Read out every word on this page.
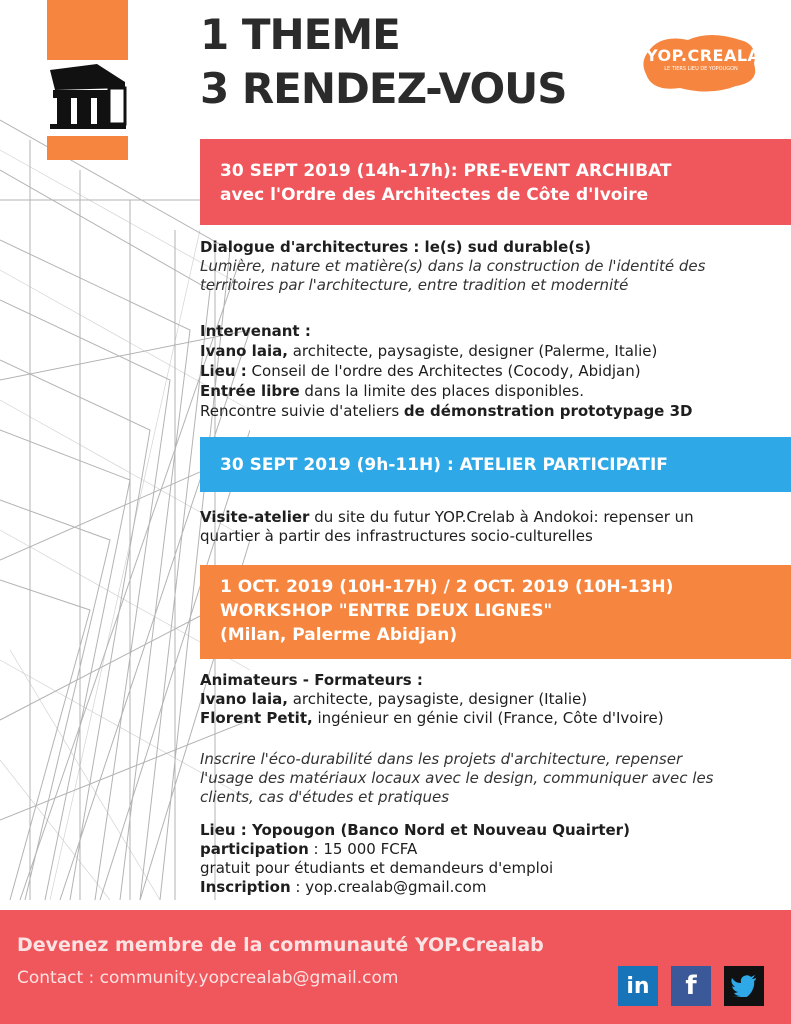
1 THEME
3 RENDEZ-VOUS
YOP.CREALAB
LE TIERS LIEU DE YOPOUGON
30 SEPT 2019 (14h-17h): PRE-EVENT ARCHIBAT
avec l'Ordre des Architectes de Côte d'Ivoire
Dialogue d'architectures : le(s) sud durable(s)
Lumière, nature et matière(s) dans la construction de l'identité des
territoires par l'architecture, entre tradition et modernité
Intervenant :
Ivano laia, architecte, paysagiste, designer (Palerme, Italie)
Lieu : Conseil de l'ordre des Architectes (Cocody, Abidjan)
Entrée libre dans la limite des places disponibles.
Rencontre suivie d'ateliers de démonstration prototypage 3D
30 SEPT 2019 (9h-11H) : ATELIER PARTICIPATIF
Visite-atelier du site du futur YOP.Crelab à Andokoi: repenser un
quartier à partir des infrastructures socio-culturelles
1 OCT. 2019 (10H-17H) / 2 OCT. 2019 (10H-13H)
WORKSHOP "ENTRE DEUX LIGNES"
(Milan, Palerme Abidjan)
Animateurs - Formateurs :
Ivano laia, architecte, paysagiste, designer (Italie)
Florent Petit, ingénieur en génie civil (France, Côte d'Ivoire)
Inscrire l'éco-durabilité dans les projets d'architecture, repenser
l'usage des matériaux locaux avec le design, communiquer avec les
clients, cas d'études et pratiques
Lieu : Yopougon (Banco Nord et Nouveau Quairter)
participation : 15 000 FCFA
gratuit pour étudiants et demandeurs d'emploi
Inscription : yop.crealab@gmail.com
Devenez membre de la communauté YOP.Crealab
Contact : community.yopcrealab@gmail.com	in f
